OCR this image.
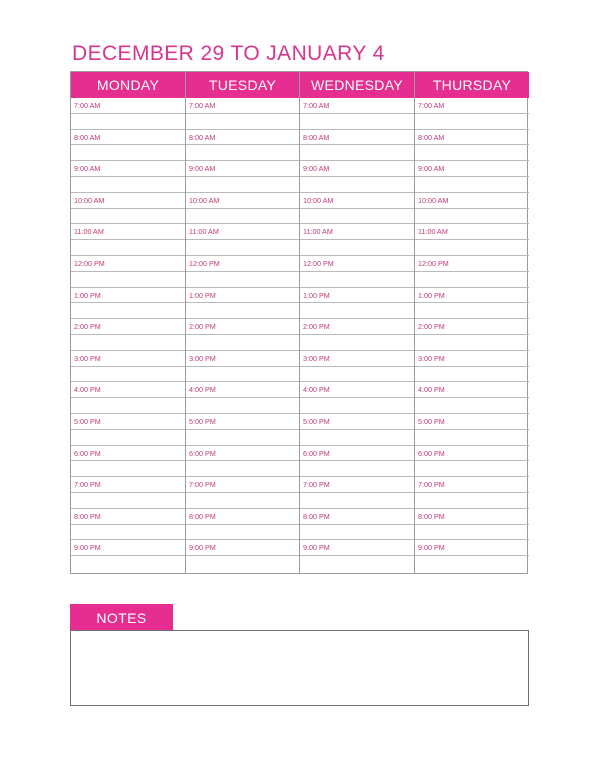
DECEMBER 29 TO JANUARY 4
MONDAY
7:00 AM
8:00 AM
9:00 AM
10:00 AM
11:00 AM
12:00 PM
1:00 PM
2:00 PM
3:00 PM
4:00 PM
5:00 PM
6:00 PM
7:00 PM
8:00 PM
9:00 PM
TUESDAY
7:00 AM
8:00 AM
9:00 AM
10:00 AM
11:00 AM
12:00 PM
1:00 PM
2:00 PM
3:00 PM
4:00 PM
5:00 PM
6:00 PM
7:00 PM
8:00 PM
9:00 PM
WEDNESDAY
7:00 AM
8:00 AM
9:00 AM
10:00 AM
11:00 AM
12:00 PM
1:00 PM
2:00 PM
3:00 PM
4:00 PM
5:00 PM
6:00 PM
7:00 PM
8:00 PM
9:00 PM
THURSDAY
7:00 AM
8:00 AM
9:00 AM
10:00 AM
11:00 AM
12:00 PM
1:00 PM
2:00 PM
3:00 PM
4:00 PM
5:00 PM
6:00 PM
7:00 PM
8:00 PM
9:00 PM
NOTES
